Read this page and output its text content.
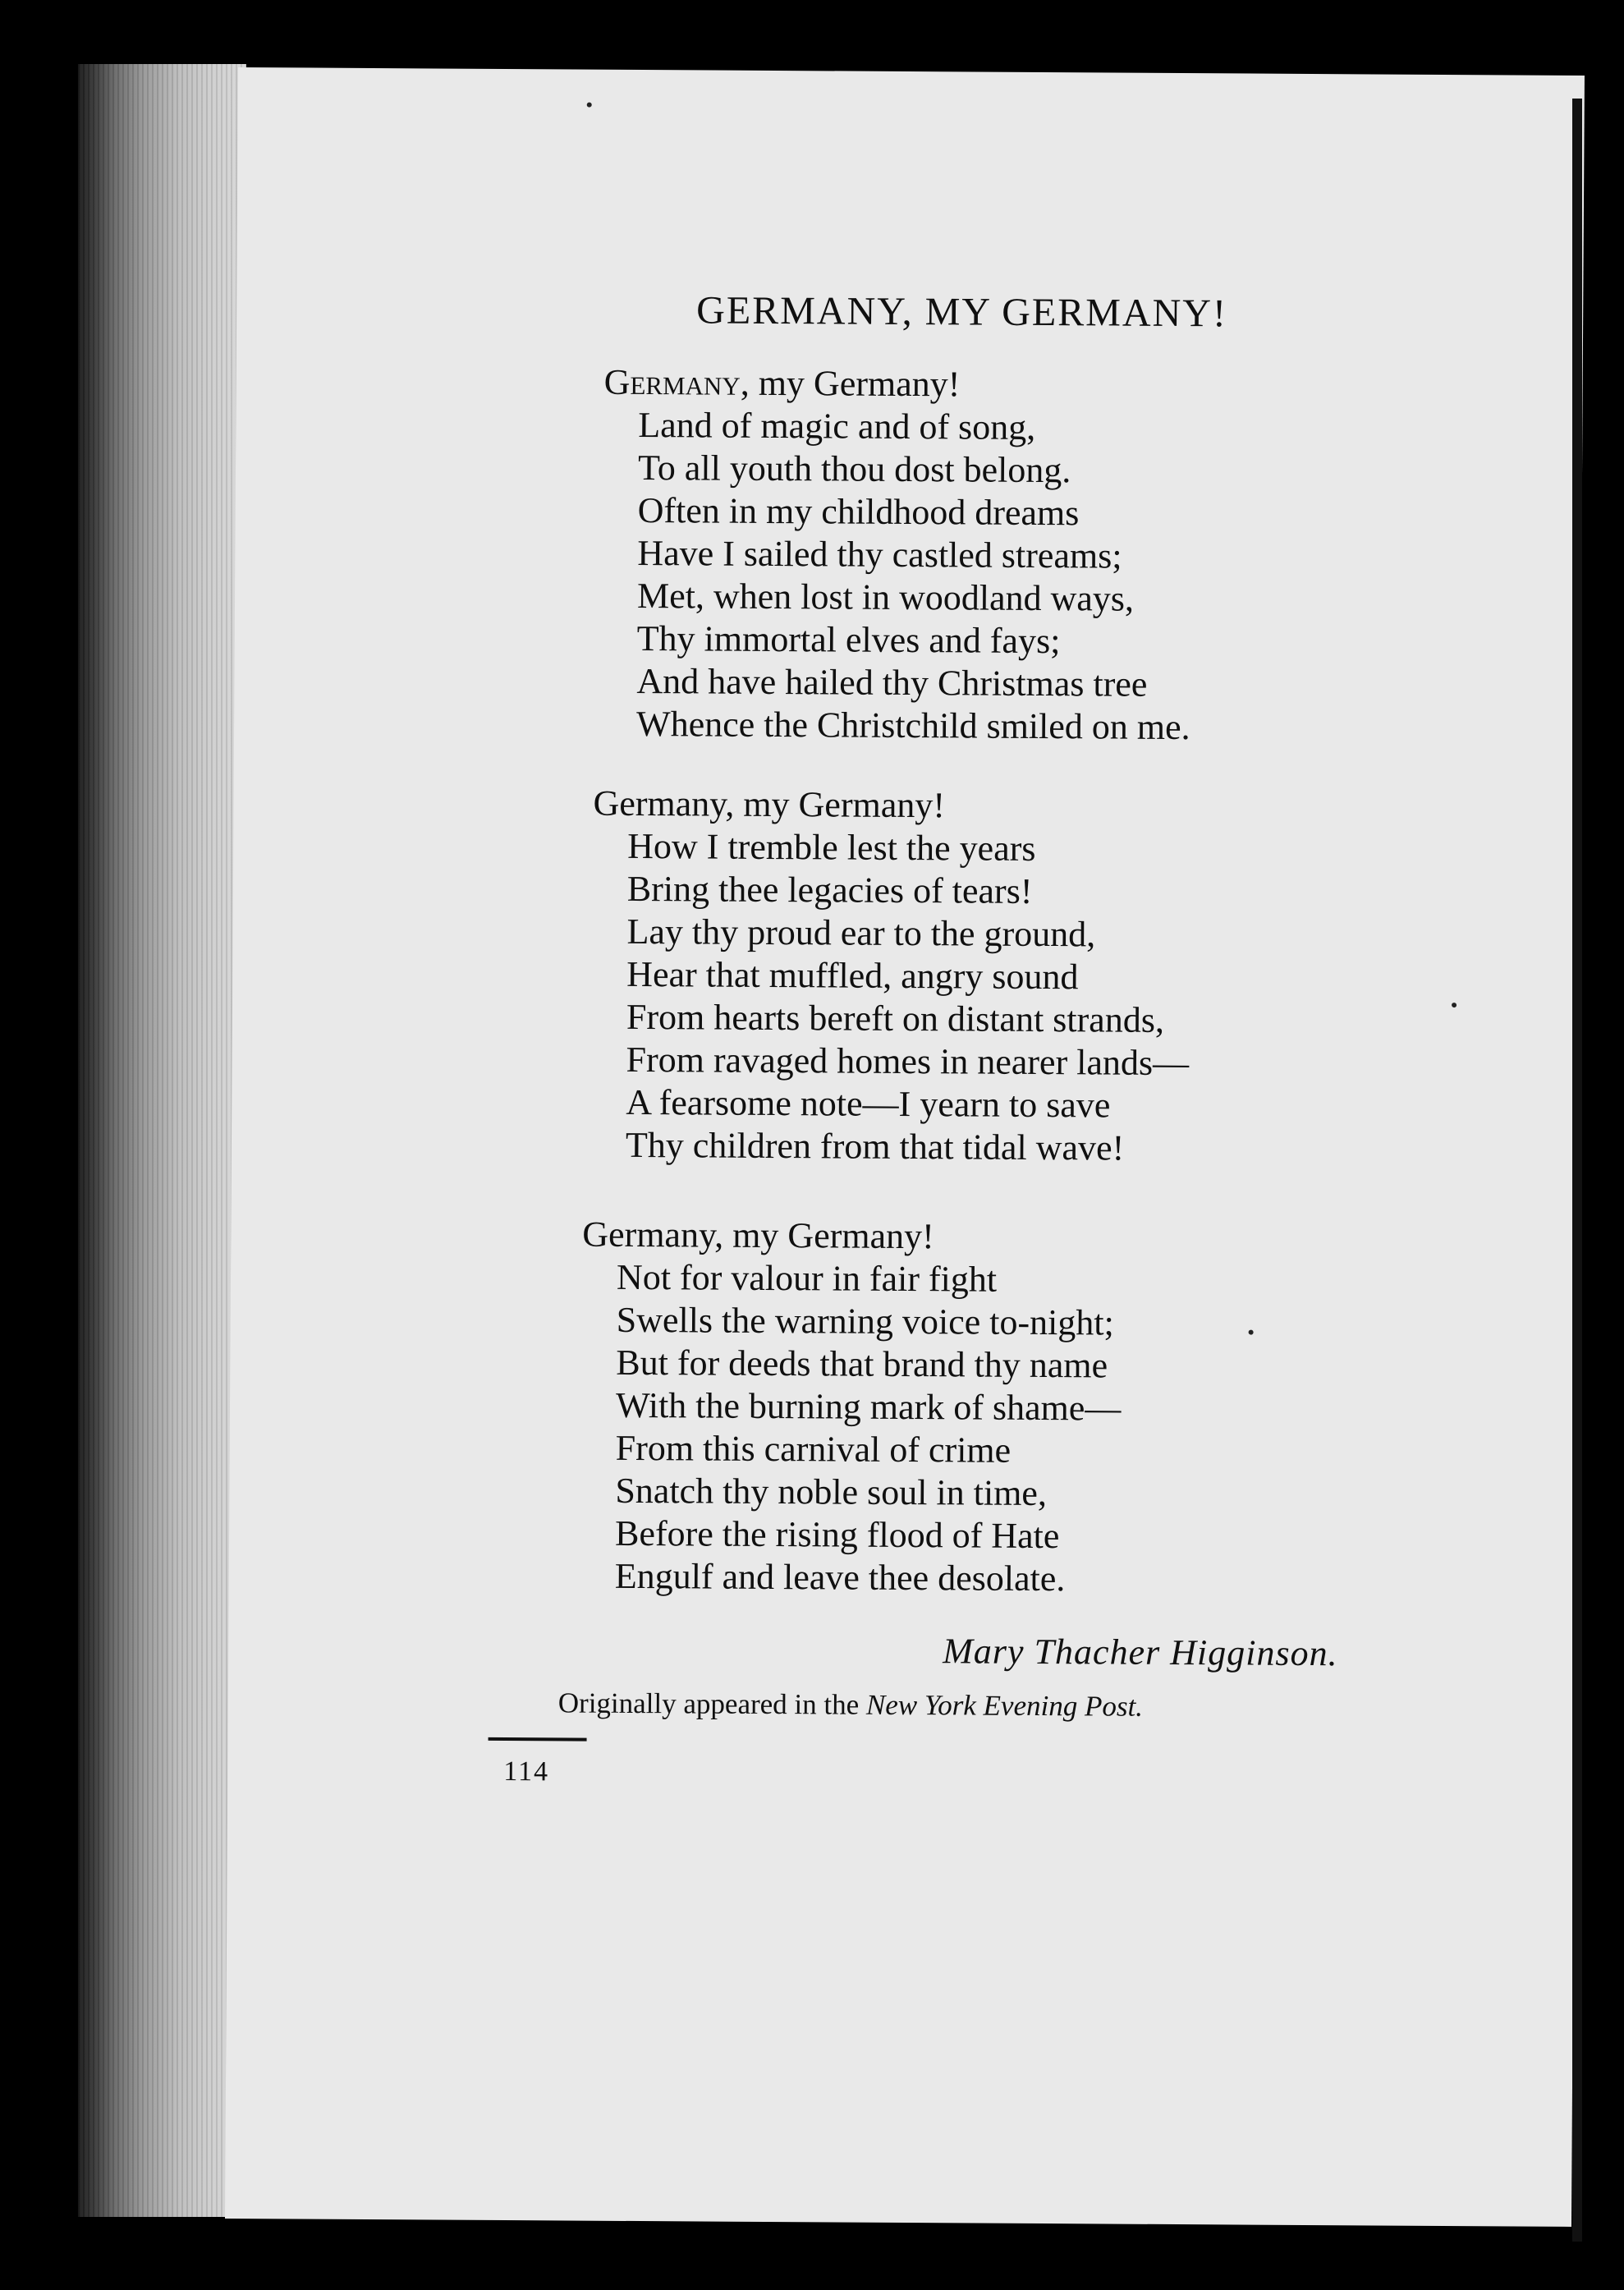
GERMANY, MY GERMANY!
Germany, my Germany!
Land of magic and of song,
To all youth thou dost belong.
Often in my childhood dreams
Have I sailed thy castled streams;
Met, when lost in woodland ways,
Thy immortal elves and fays;
And have hailed thy Christmas tree
Whence the Christchild smiled on me.
Germany, my Germany!
How I tremble lest the years
Bring thee legacies of tears!
Lay thy proud ear to the ground,
Hear that muffled, angry sound
From hearts bereft on distant strands,
From ravaged homes in nearer lands—
A fearsome note—I yearn to save
Thy children from that tidal wave!
Germany, my Germany!
Not for valour in fair fight
Swells the warning voice to-night;
But for deeds that brand thy name
With the burning mark of shame—
From this carnival of crime
Snatch thy noble soul in time,
Before the rising flood of Hate
Engulf and leave thee desolate.
Mary Thacher Higginson.
Originally appeared in the New York Evening Post.
114
